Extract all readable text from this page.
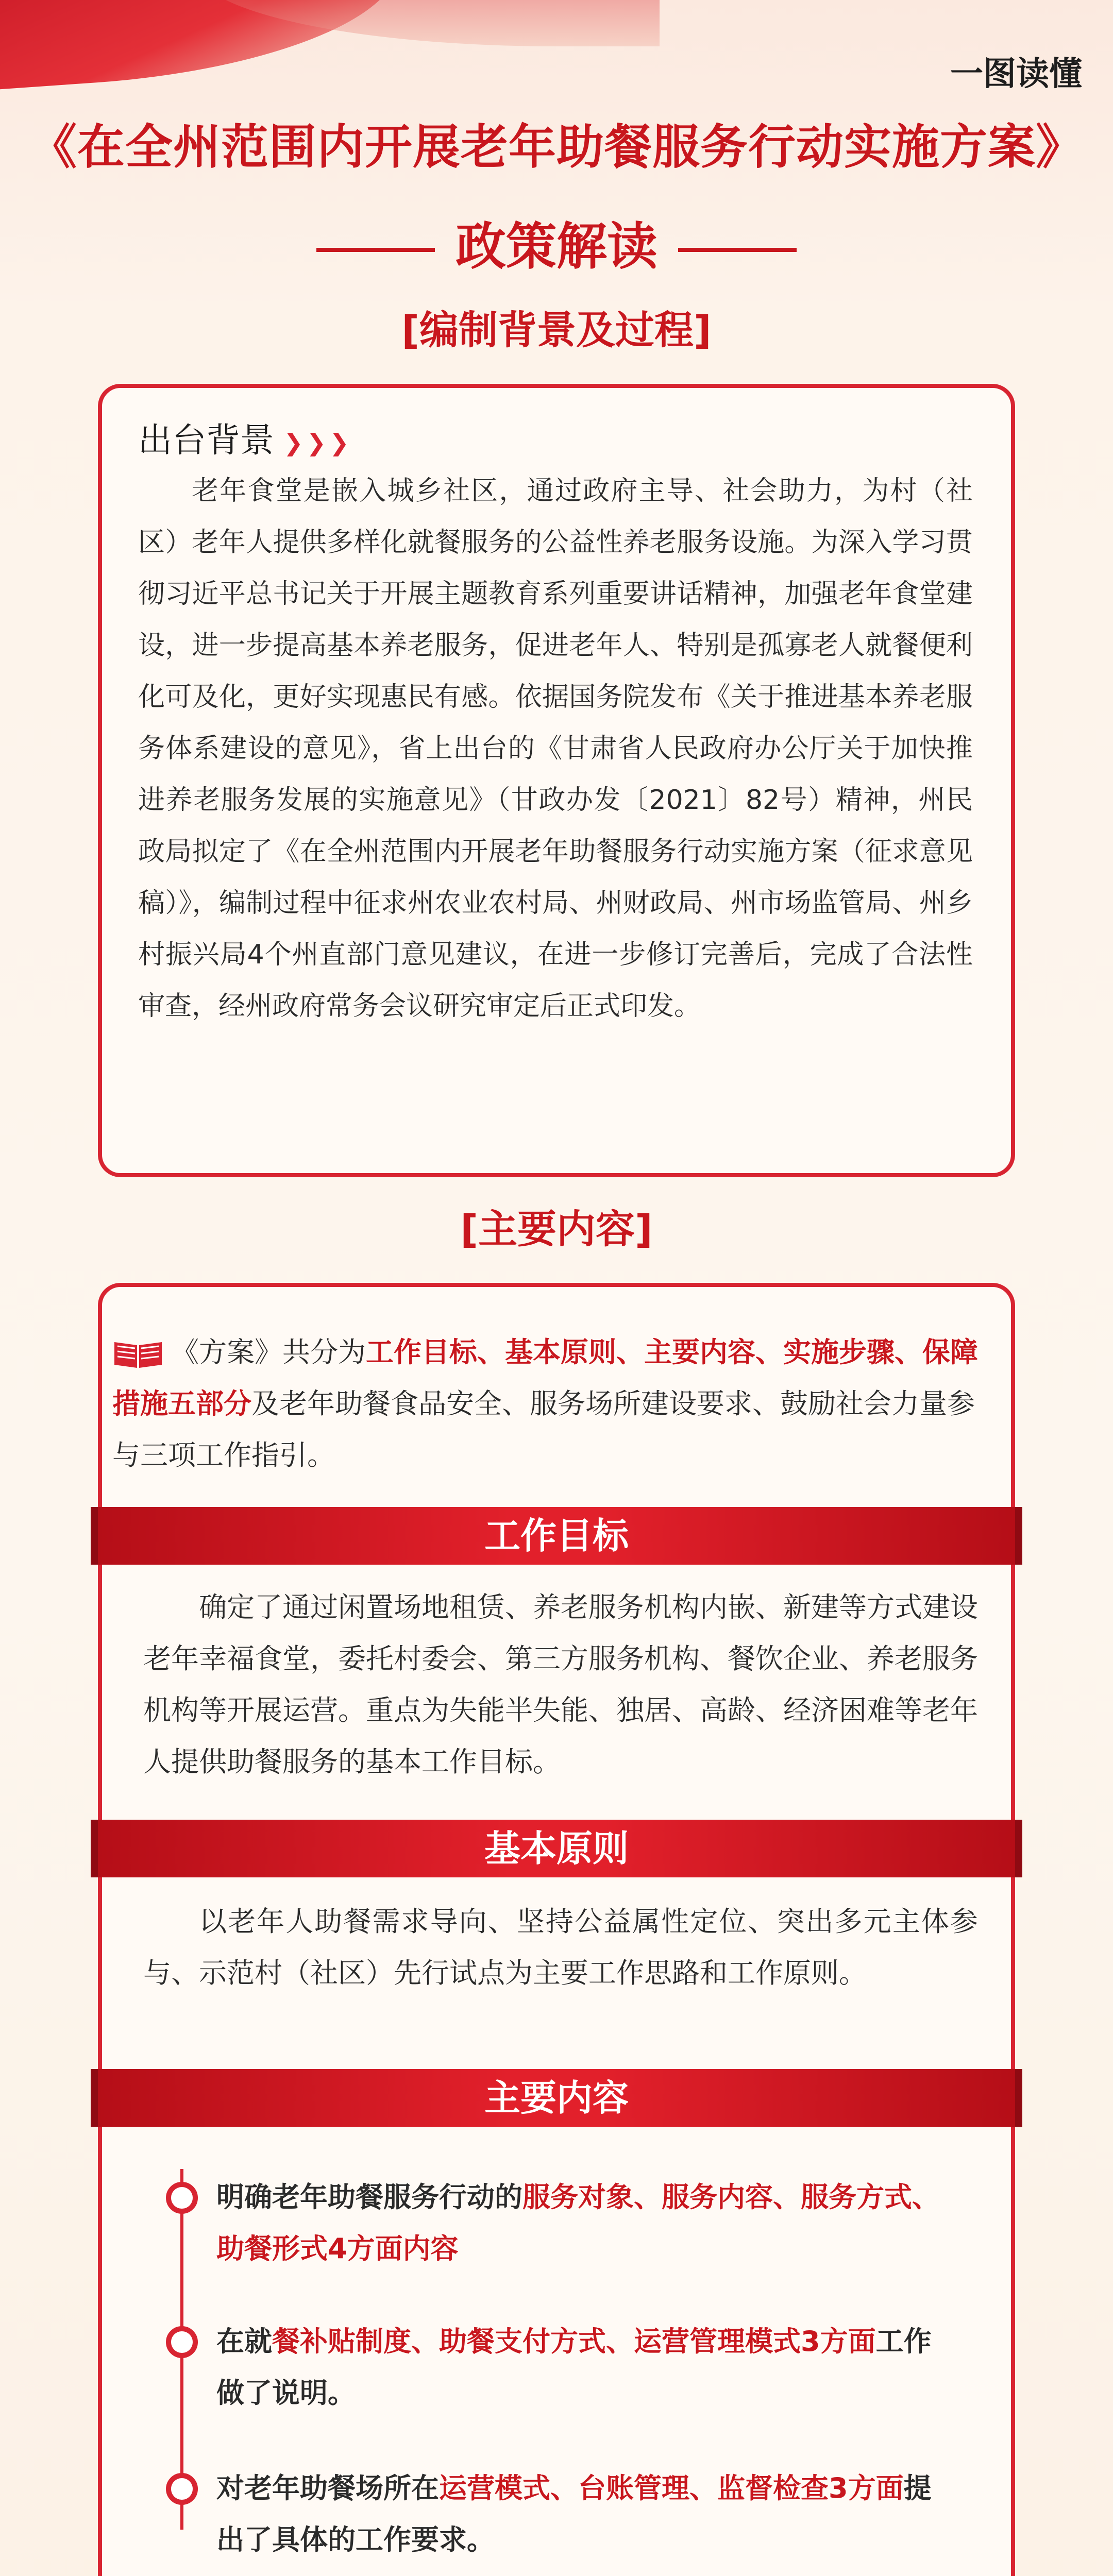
一图读懂
《在全州范围内开展老年助餐服务行动实施方案》
政策解读
[编制背景及过程]
出台背景 ❯❯❯
老年食堂是嵌入城乡社区，通过政府主导、社会助力，为村（社区）老年人提供多样化就餐服务的公益性养老服务设施。为深入学习贯彻习近平总书记关于开展主题教育系列重要讲话精神，加强老年食堂建设，进一步提高基本养老服务，促进老年人、特别是孤寡老人就餐便利化可及化，更好实现惠民有感。依据国务院发布《关于推进基本养老服务体系建设的意见》，省上出台的《甘肃省人民政府办公厅关于加快推进养老服务发展的实施意见》（甘政办发〔2021〕82号）精神，州民政局拟定了《在全州范围内开展老年助餐服务行动实施方案（征求意见稿）》，编制过程中征求州农业农村局、州财政局、州市场监管局、州乡村振兴局4个州直部门意见建议，在进一步修订完善后，完成了合法性审查，经州政府常务会议研究审定后正式印发。
[主要内容]
《方案》共分为工作目标、基本原则、主要内容、实施步骤、保障措施五部分及老年助餐食品安全、服务场所建设要求、鼓励社会力量参与三项工作指引。
工作目标
确定了通过闲置场地租赁、养老服务机构内嵌、新建等方式建设老年幸福食堂，委托村委会、第三方服务机构、餐饮企业、养老服务机构等开展运营。重点为失能半失能、独居、高龄、经济困难等老年人提供助餐服务的基本工作目标。
基本原则
以老年人助餐需求导向、坚持公益属性定位、突出多元主体参与、示范村（社区）先行试点为主要工作思路和工作原则。
主要内容
明确老年助餐服务行动的服务对象、服务内容、服务方式、助餐形式4方面内容
在就餐补贴制度、助餐支付方式、运营管理模式3方面工作做了说明。
对老年助餐场所在运营模式、台账管理、监督检查3方面提出了具体的工作要求。
